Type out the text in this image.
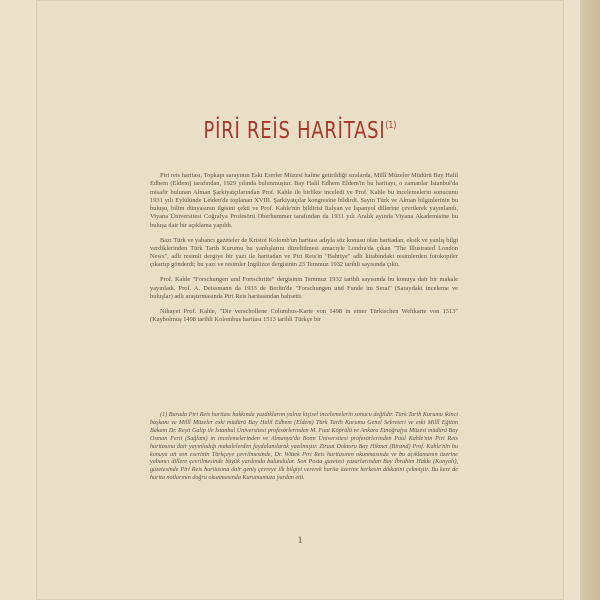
PİRİ REİS HARİTASI$^{(1)}$

Piri reis haritası, Topkapı sarayının Eski Eserler Müzesi haline getirildiği sıralarda, Millî Müzeler Müdürü Bay Halil Edhem (Eldem) tarafından, 1929 yılında bulunmuştur. Bay Halil Edhem Eldem'in bu haritayı, o zamanlar İstanbul'da misafir bulunan Alman Şarkiyatçılarından Prof. Kahle ile birlikte inceledi ve Prof. Kahle bu incelemelerin sonucunu 1931 yılı Eylülünde Leiden'de toplanan XVIII. Şarkiyatçılar kongresine bildirdi. Sayın Türk ve Alman bilginlerinin bu buluşu, bilim dünyasının ilgisini çekti ve Prof. Kahle'nin bildirisi İtalyan ve İspanyol dillerine çevrilerek yayınlandı, Viyana Üniversitesi Coğrafya Profesörü Oberhummer tarafından da 1931 yılı Aralık ayında Viyana Akademisine bu buluşa dair bir açıklama yapıldı.

Bazı Türk ve yabancı gazeteler de Kristof Kolomb'un haritası adıyla söz konusu olan haritadan, eksik ve yanlış bilgi verdiklerinden Türk Tarih Kurumu bu yanlışlarını düzeltilmesi amacıyle Londra'da çıkan "The Illustrated London News", adlı resimli dergiye bir yazı ile haritadan ve Piri Reis'in "Bahriye" adlı kitabındaki resimlerden fotokopiler çıkartıp gönderdi; bu yazı ve resimler İngilizce dergisinin 23 Temmuz 1932 tarihli sayısında çıktı.

Prof. Kahle "Forschungen und Fortschritte" dergisinin Temmuz 1932 tarihli sayısında bu konuya dair bir makale yayınladı. Prof. A. Deissmann da 1933 de Berlin'de "Forschungen und Funde im Serai" (Saraydaki inceleme ve buluşlar) adlı araştırmasında Piri Reis haritasından bahsetti.

Nihayet Prof. Kahle, "Die verschollene Columbus-Karte von 1498 in einer Türkischen Weltkarte von 1513" (Kaybolmuş 1498 tarihli Kolombus haritası 1513 tarihli Türkçe bir

(1) Burada Piri Reis haritası hakkında yazdıklarım yalnız kişisel incelemelerin sonucu değildir. Türk Tarih Kurumu ikinci başkanı ve Millî Müzeler eski müdürü Bay Halil Edhem (Eldem) Türk Tarih Kurumu Genel Sekreteri ve eski Millî Eğitim Bakanı Dr. Reşit Galip ile İstanbul Üniversitesi profesörlerinden M. Fuat Köprülü ve Ankara Etnoğrafya Müzesi müdürü Bay Osman Ferit (Sağlam) in incelemelerinden ve Almanya'da Bonn Üniversitesi profesörlerinden Paul Kahle'nin Piri Reis haritasına dair yayınladığı makalelerden faydalanılarak yazılmıştır. Ziraat Doktoru Bay Hikmet (Birand) Prof. Kahle'nin bu konuya ait son eserinin Türkçeye çevrilmesinde, Dr. Wittek Piri Reis haritasının okunmasında ve bu açıklamanın üzerine yabancı dillere çevrilmesinde büyük yardımda bulundular. Son Posta gazetesi yazarlarından Bay İbrahim Hakkı (Konyalı), gazetesinde Piri Reis haritasına dair geniş çevreye ilk bilgiyi vererek harita üzerine herkesin dikkatini çekmiştir. Bu kere de harita notlarının doğru okunmasında Kurumumuza yardım etti.

1
